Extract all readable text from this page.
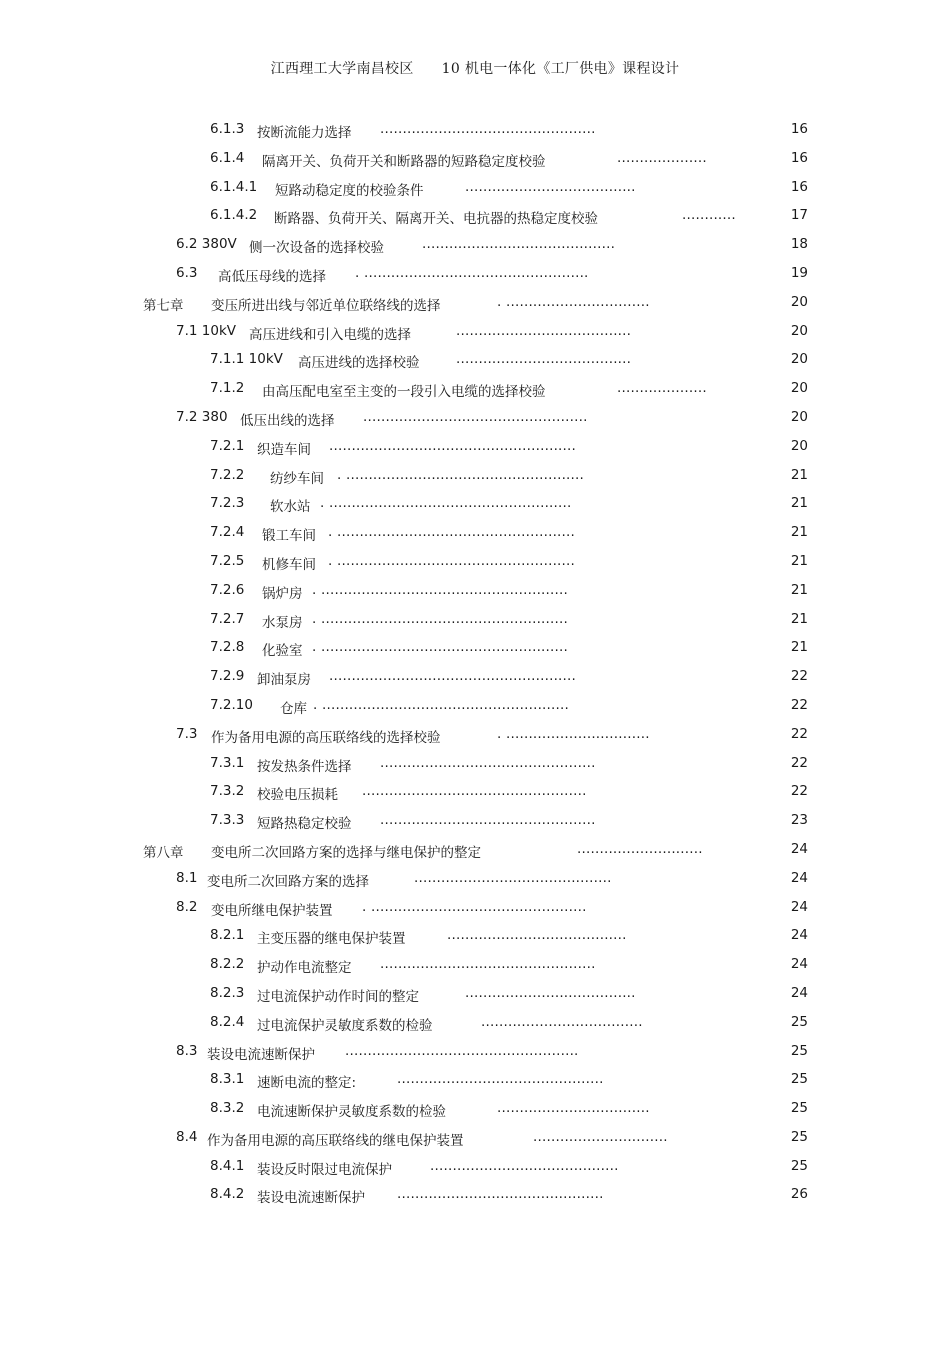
江西理工大学南昌校区 10 机电一体化《工厂供电》课程设计
6.1.3 按断流能力选择 ................................................	16
6.1.4 隔离开关、负荷开关和断路器的短路稳定度校验	....................	16
6.1.4.1 短路动稳定度的校验条件	......................................	16
6.1.4.2 断路器、负荷开关、隔离开关、电抗器的热稳定度校验	............	17
6.2 380V 侧一次设备的选择校验	...........................................	18
6.3 高低压母线的选择 . ..................................................	19
第七章 变压所进出线与邻近单位联络线的选择	. ................................	20
7.1 10kV 高压进线和引入电缆的选择	.......................................	20
7.1.1 10kV 高压进线的选择校验	.......................................	20
7.1.2 由高压配电室至主变的一段引入电缆的选择校验	....................	20
7.2 380 低压出线的选择 ..................................................	20
7.2.1 织造车间 .......................................................	20
7.2.2 纺纱车间 . .....................................................	21
7.2.3 软水站 . ......................................................	21
7.2.4 锻工车间 . .....................................................	21
7.2.5 机修车间 . .....................................................	21
7.2.6 锅炉房 . .......................................................	21
7.2.7 水泵房 . .......................................................	21
7.2.8 化验室 . .......................................................	21
7.2.9 卸油泵房 .......................................................	22
7.2.10 仓库 . .......................................................	22
7.3 作为备用电源的高压联络线的选择校验	. ................................	22
7.3.1 按发热条件选择 ................................................	22
7.3.2 校验电压损耗 ..................................................	22
7.3.3 短路热稳定校验 ................................................	23
第八章 变电所二次回路方案的选择与继电保护的整定	............................	24
8.1 变电所二次回路方案的选择	............................................	24
8.2 变电所继电保护装置 . ................................................	24
8.2.1 主变压器的继电保护装置	........................................	24
8.2.2 护动作电流整定 ................................................	24
8.2.3 过电流保护动作时间的整定	......................................	24
8.2.4 过电流保护灵敏度系数的检验	....................................	25
8.3 装设电流速断保护 ....................................................	25
8.3.1 速断电流的整定:	..............................................	25
8.3.2 电流速断保护灵敏度系数的检验	..................................	25
8.4 作为备用电源的高压联络线的继电保护装置	..............................	25
8.4.1 装设反时限过电流保护	..........................................	25
8.4.2 装设电流速断保护 ..............................................	26
